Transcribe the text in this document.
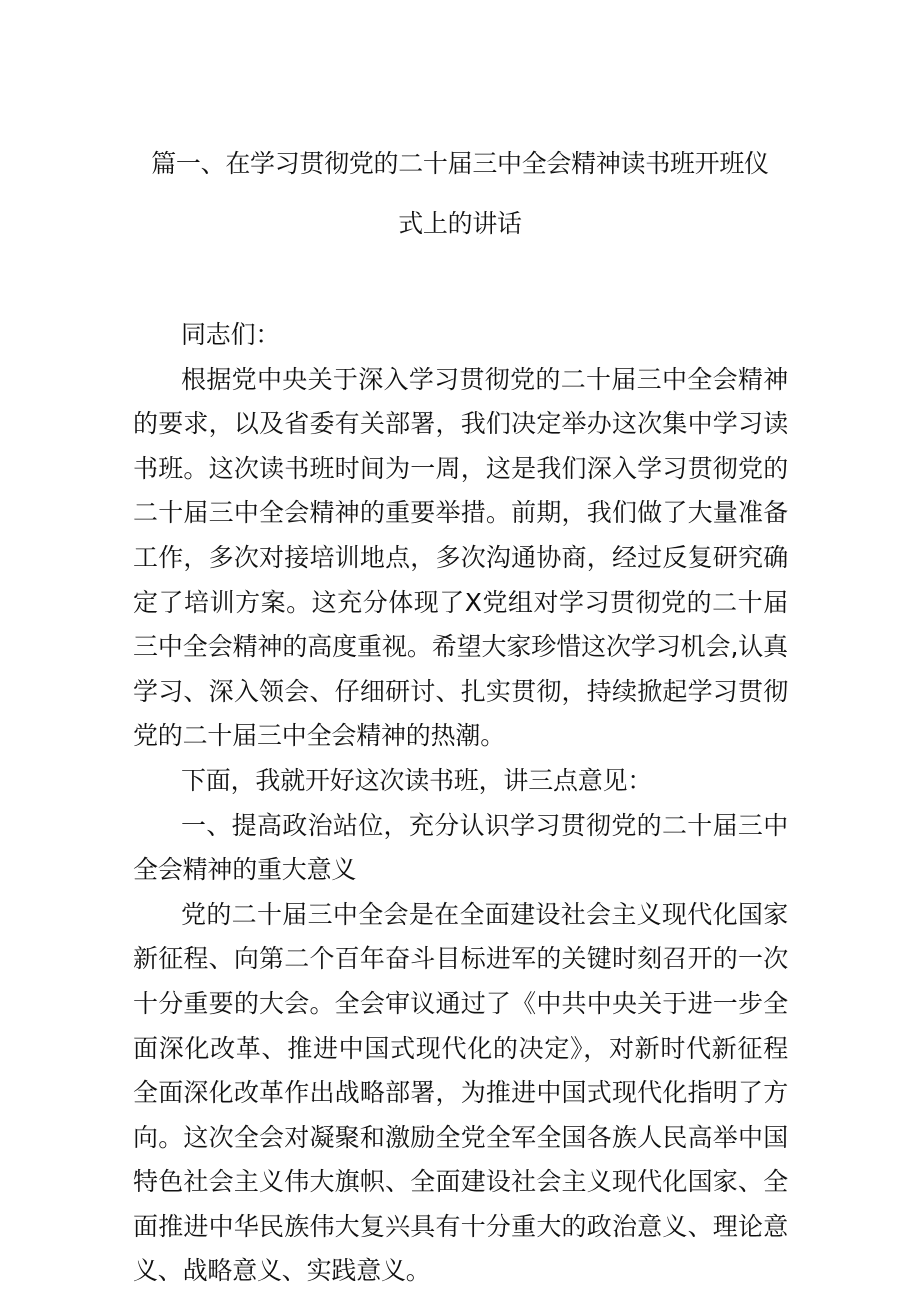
篇一、在学习贯彻党的二十届三中全会精神读书班开班仪
式上的讲话

同志们：

根据党中央关于深入学习贯彻党的二十届三中全会精神的要求，以及省委有关部署，我们决定举办这次集中学习读书班。这次读书班时间为一周，这是我们深入学习贯彻党的二十届三中全会精神的重要举措。前期，我们做了大量准备工作，多次对接培训地点，多次沟通协商，经过反复研究确定了培训方案。这充分体现了X党组对学习贯彻党的二十届三中全会精神的高度重视。希望大家珍惜这次学习机会,认真学习、深入领会、仔细研讨、扎实贯彻，持续掀起学习贯彻党的二十届三中全会精神的热潮。

下面，我就开好这次读书班，讲三点意见：

一、提高政治站位，充分认识学习贯彻党的二十届三中全会精神的重大意义

党的二十届三中全会是在全面建设社会主义现代化国家新征程、向第二个百年奋斗目标进军的关键时刻召开的一次十分重要的大会。全会审议通过了《中共中央关于进一步全面深化改革、推进中国式现代化的决定》，对新时代新征程全面深化改革作出战略部署，为推进中国式现代化指明了方向。这次全会对凝聚和激励全党全军全国各族人民高举中国特色社会主义伟大旗帜、全面建设社会主义现代化国家、全面推进中华民族伟大复兴具有十分重大的政治意义、理论意义、战略意义、实践意义。
